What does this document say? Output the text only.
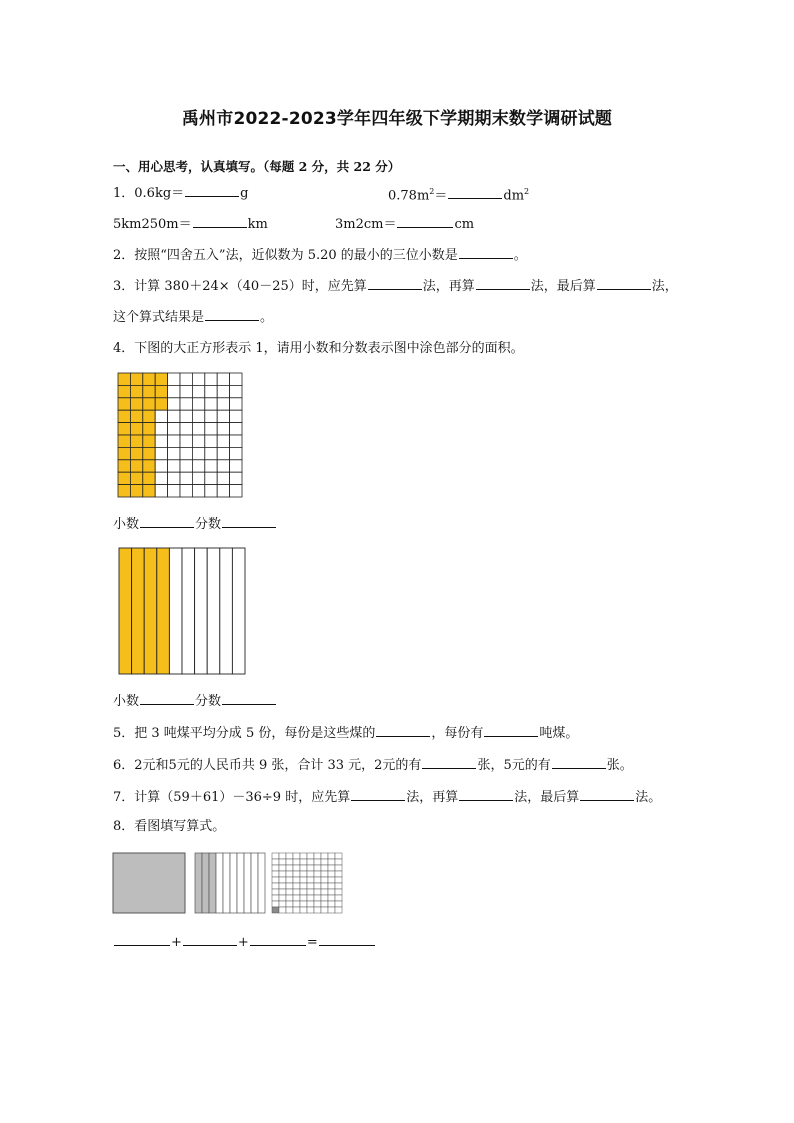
禹州市2022-2023学年四年级下学期期末数学调研试题
一、用心思考，认真填写。（每题 2 分，共 22 分）
1．0.6kg＝	g	$0.78m^2=$	$dm^2$
5km250m＝	km	3m2cm＝	cm
2．按照“四舍五入”法，近似数为 5.20 的最小的三位小数是	。
3．计算 380＋24×（40－25）时，应先算	法，再算	法，最后算	法，
这个算式结果是	。
4．下图的大正方形表示 1，请用小数和分数表示图中涂色部分的面积。
小数	分数
小数	分数
5．把 3 吨煤平均分成 5 份，每份是这些煤的	，每份有	吨煤。
6．2元和5元的人民币共 9 张，合计 33 元，2元的有	张，5元的有	张。
7．计算（59＋61）－36÷9 时，应先算	法，再算	法，最后算	法。
8．看图填写算式。
+	+	=
